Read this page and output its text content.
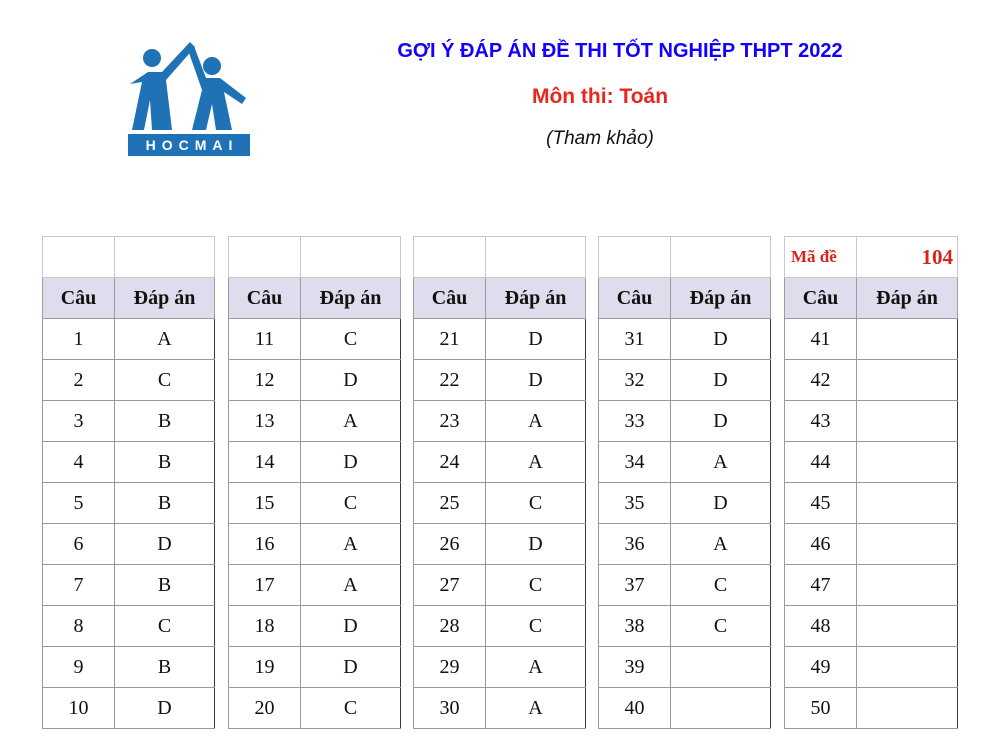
HOCMAI
GỢI Ý ĐÁP ÁN ĐỀ THI TỐT NGHIỆP THPT 2022
Môn thi: Toán
(Tham khảo)

Câu	Đáp án
1	A
2	C
3	B
4	B
5	B
6	D
7	B
8	C
9	B
10	D

Câu	Đáp án
11	C
12	D
13	A
14	D
15	C
16	A
17	A
18	D
19	D
20	C

Câu	Đáp án
21	D
22	D
23	A
24	A
25	C
26	D
27	C
28	C
29	A
30	A

Câu	Đáp án
31	D
32	D
33	D
34	A
35	D
36	A
37	C
38	C
39	
40	
Mã đề	104
Câu	Đáp án
41	
42	
43	
44	
45	
46	
47	
48	
49	
50	
